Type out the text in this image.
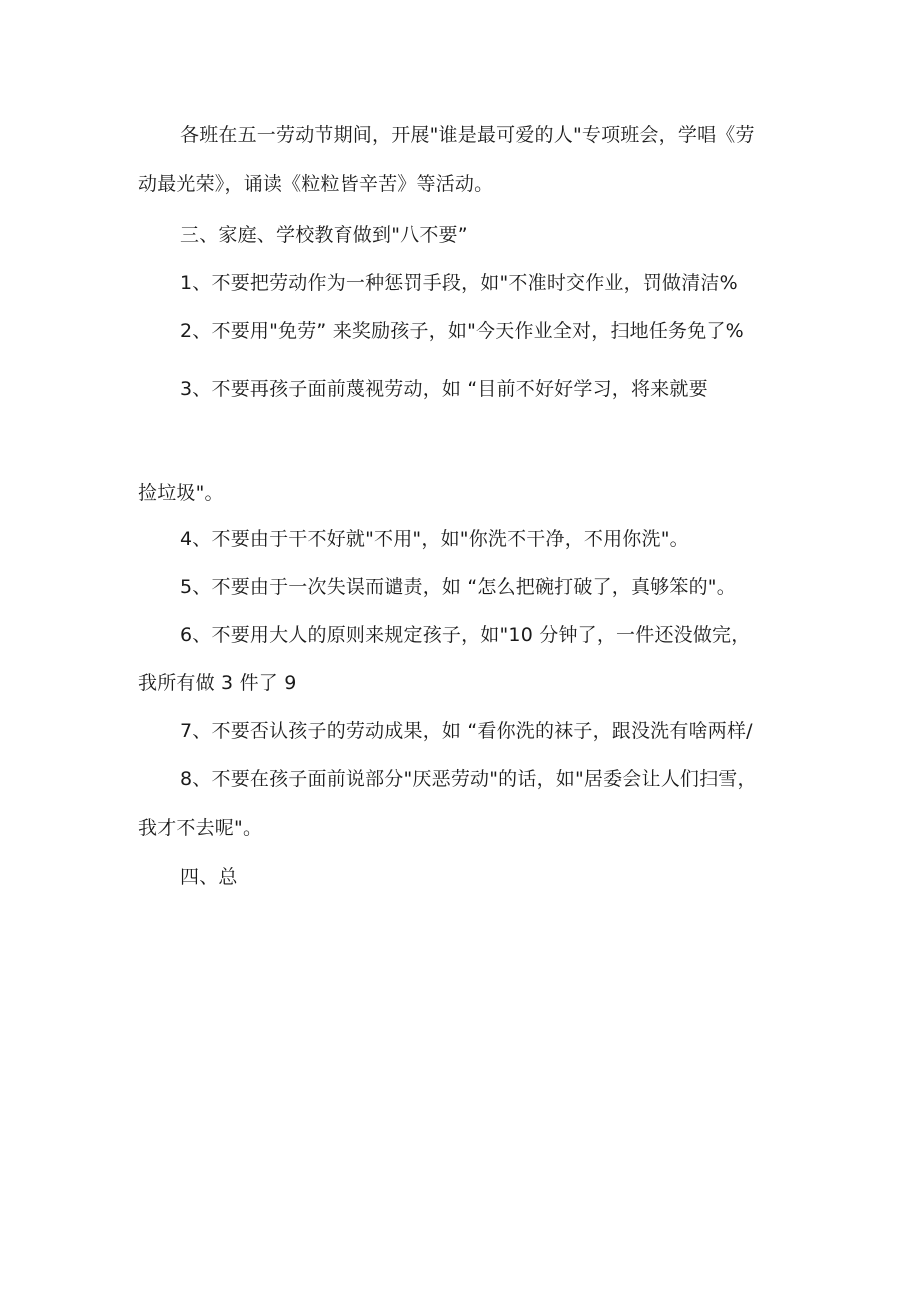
各班在五一劳动节期间，开展"谁是最可爱的人"专项班会，学唱《劳
动最光荣》，诵读《粒粒皆辛苦》等活动。
三、家庭、学校教育做到"八不要”
1、不要把劳动作为一种惩罚手段，如"不准时交作业，罚做清洁%
2、不要用"免劳” 来奖励孩子，如"今天作业全对，扫地任务免了%
3、不要再孩子面前蔑视劳动，如 “目前不好好学习，将来就要
捡垃圾"。
4、不要由于干不好就"不用"，如"你洗不干净，不用你洗"。
5、不要由于一次失误而谴责，如 “怎么把碗打破了，真够笨的"。
6、不要用大人的原则来规定孩子，如"10 分钟了，一件还没做完，
我所有做 3 件了 9
7、不要否认孩子的劳动成果，如 “看你洗的袜子，跟没洗有啥两样/
8、不要在孩子面前说部分"厌恶劳动"的话，如"居委会让人们扫雪，
我才不去呢"。
四、总
